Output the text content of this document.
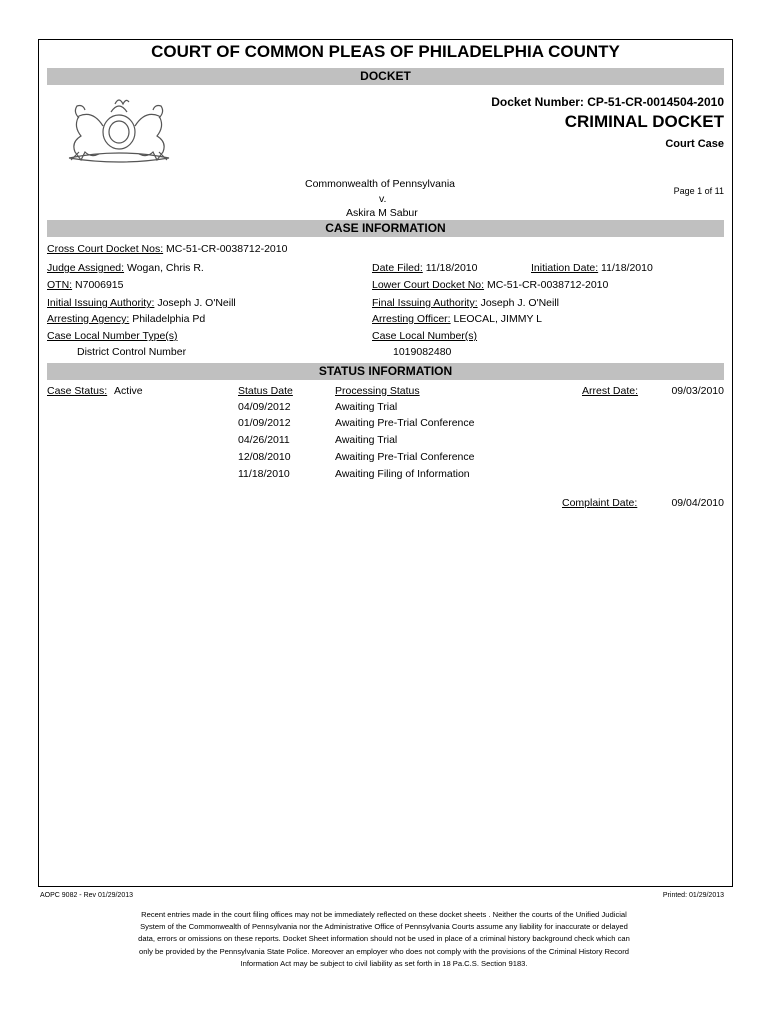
COURT OF COMMON PLEAS OF PHILADELPHIA COUNTY
DOCKET
Docket Number: CP-51-CR-0014504-2010
CRIMINAL DOCKET
Court Case
Commonwealth of Pennsylvania
v.
Askira M Sabur
Page 1 of 11
CASE INFORMATION
Cross Court Docket Nos: MC-51-CR-0038712-2010
Judge Assigned: Wogan, Chris R.	Date Filed: 11/18/2010	Initiation Date: 11/18/2010
OTN: N7006915	Lower Court Docket No: MC-51-CR-0038712-2010
Initial Issuing Authority: Joseph J. O'Neill	Final Issuing Authority: Joseph J. O'Neill
Arresting Agency: Philadelphia Pd	Arresting Officer: LEOCAL, JIMMY L
Case Local Number Type(s)	Case Local Number(s)
District Control Number	1019082480
STATUS INFORMATION
Case Status: Active	Status Date	Processing Status	Arrest Date:	09/03/2010
04/09/2012	Awaiting Trial
01/09/2012	Awaiting Pre-Trial Conference
04/26/2011	Awaiting Trial
12/08/2010	Awaiting Pre-Trial Conference
11/18/2010	Awaiting Filing of Information
Complaint Date:	09/04/2010
AOPC 9082 - Rev 01/29/2013	Printed: 01/29/2013
Recent entries made in the court filing offices may not be immediately reflected on these docket sheets . Neither the courts of the Unified Judicial
System of the Commonwealth of Pennsylvania nor the Administrative Office of Pennsylvania Courts assume any liability for inaccurate or delayed
data, errors or omissions on these reports. Docket Sheet information should not be used in place of a criminal history background check which can
only be provided by the Pennsylvania State Police. Moreover an employer who does not comply with the provisions of the Criminal History Record
Information Act may be subject to civil liability as set forth in 18 Pa.C.S. Section 9183.
